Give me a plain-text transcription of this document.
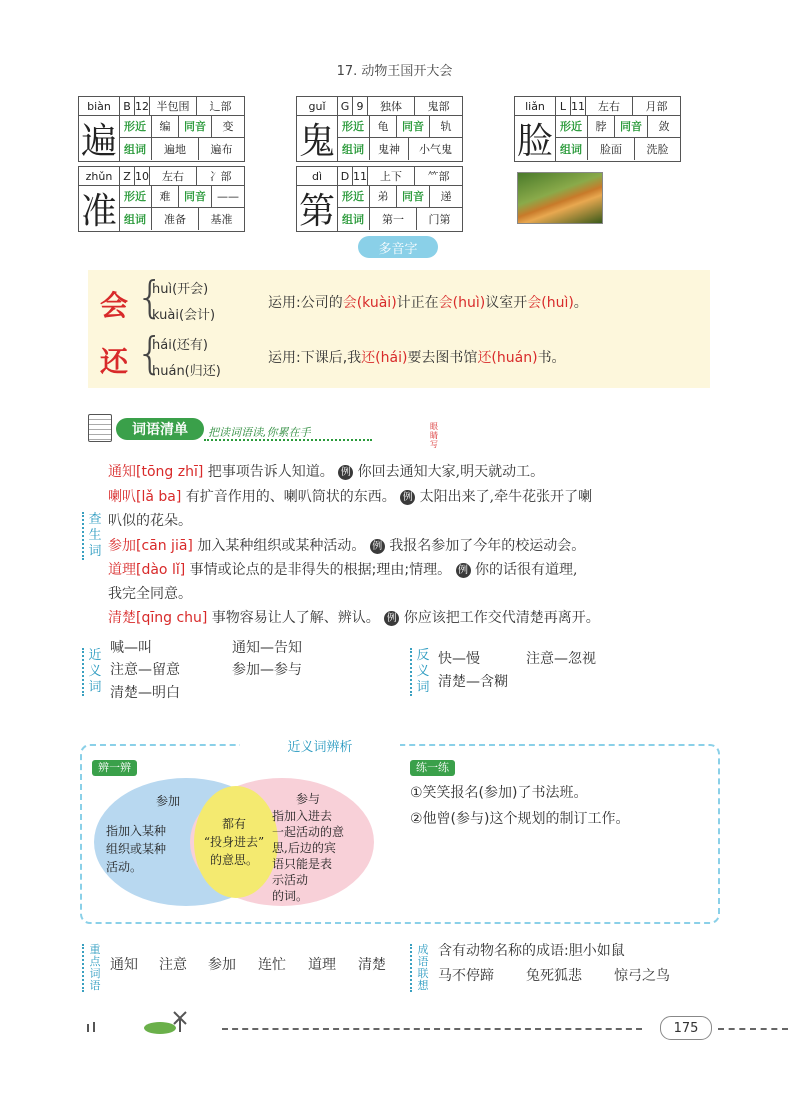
17. 动物王国开大会
biàn	B 12 半包围	辶部
遍 形近	编	同音	变
组词	遍地	遍布
guǐ	G 9	独体	鬼部
鬼 形近	龟	同音	轨
组词	鬼神	小气鬼
liǎn	L 11	左右	月部
脸 形近	脖	同音	敛
组词	脸面	洗脸
zhǔn Z 10	左右	冫部
准 形近	难	同音	——
组词	准备	基准
dì	D 11	上下	⺮部
第 形近	弟	同音	递
组词	第一	门第
多音字
会 {
huì(开会)
kuài(会计)
运用:公司的会(kuài)计正在会(huì)议室开会(huì)。
还 {
hái(还有)
huán(归还)
运用:下课后,我还(hái)要去图书馆还(huán)书。
词语清单	把读词语读,你累在手	眼睛写
查生词
通知[tōng zhī] 把事项告诉人知道。 例 你回去通知大家,明天就动工。
喇叭[lǎ ba] 有扩音作用的、喇叭筒状的东西。 例 太阳出来了,牵牛花张开了喇
叭似的花朵。
参加[cān jiā] 加入某种组织或某种活动。 例 我报名参加了今年的校运动会。
道理[dào lǐ] 事情或论点的是非得失的根据;理由;情理。 例 你的话很有道理,
我完全同意。
清楚[qīng chu] 事物容易让人了解、辨认。 例 你应该把工作交代清楚再离开。
近义词
喊—叫	通知—告知
注意—留意	参加—参与
清楚—明白
反义词
快—慢	注意—忽视
清楚—含糊
近义词辨析
辨一辨	练一练
参加
指加入某种
组织或某种
活动。
都有
“投身进去”
的意思。
参与
指加入进去
一起活动的意
思,后边的宾
语只能是表
示活动
的词。
①笑笑报名(参加)了书法班。
②他曾(参与)这个规划的制订工作。
重点词语
通知 注意 参加 连忙 道理 清楚
成语联想
含有动物名称的成语:胆小如鼠
马不停蹄 兔死狐悲 惊弓之鸟
175
